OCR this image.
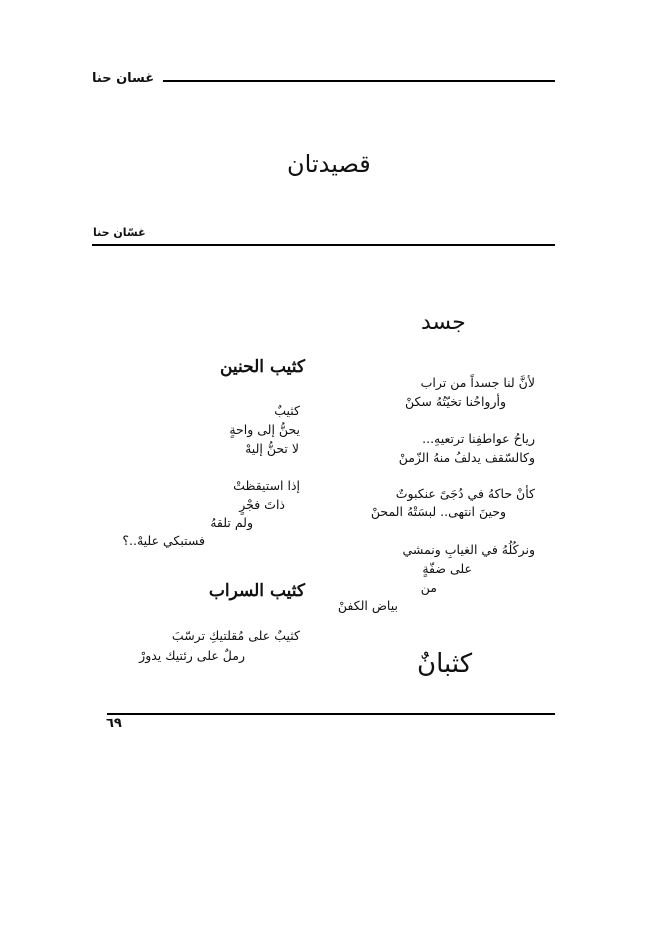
غسان حنا
قصيدتان
غسّان حنا
جسد
لأنَّ لنا جسداً من تراب
وأرواحُنا تخيّتُهُ سكنْ
رياحُ عواطفِنا ترتعيهِ...
وكالسّقف يدلفُ منهُ الزّمنْ
كأنْ حاكهُ في دُجَىً عنكبوتٌ
وحينَ انتهى.. لبسَتْهُ المحنْ
ونركُلُهُ في الغيابِ ونمشي
على ضفّةٍ
من
بياض الكفنْ
كثبانٌ
كثيب الحنين
كثيبٌ
يحنُّ إلى واحةٍ
لا تحنُّ إليهْ
إذا استيقظتْ
ذاتَ فجْرٍ
ولم تلقهُ
فستبكي عليهْ..؟
كثيب السراب
كثيبٌ على مُقلتيكِ ترسّبَ
رملٌ على رئتيك يدورْ
٦٩
